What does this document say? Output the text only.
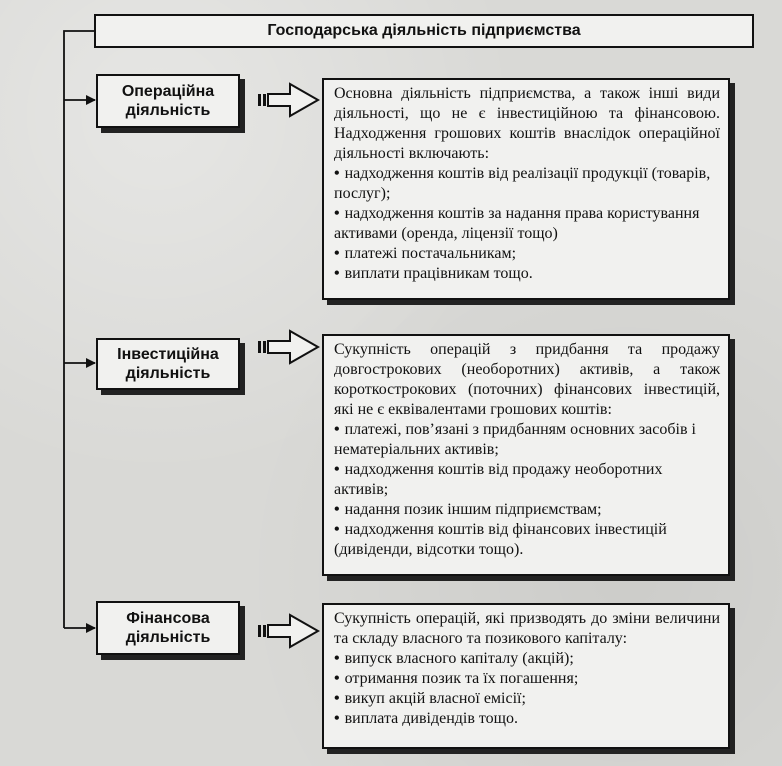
Господарська діяльність підприємства
Операційна
діяльність

Основна діяльність підприємства, а також інші види діяльності, що не є інвестиційною та фінансовою. Надходження грошових коштів внаслідок операційної діяльності включають:

• надходження коштів від реалізації продукції (товарів, послуг);
• надходження коштів за надання права користування активами (оренда, ліцензії тощо)
• платежі постачальникам;
• виплати працівникам тощо.
Інвестиційна
діяльність

Сукупність операцій з придбання та продажу довгострокових (необоротних) активів, а також короткострокових (поточних) фінансових інвестицій, які не є еквівалентами грошових коштів:

• платежі, пов’язані з придбанням основних засобів і нематеріальних активів;
• надходження коштів від продажу необоротних активів;
• надання позик іншим підприємствам;
• надходження коштів від фінансових інвестицій (дивіденди, відсотки тощо).
Фінансова
діяльність

Сукупність операцій, які призводять до зміни величини та складу власного та позикового капіталу:

• випуск власного капіталу (акцій);
• отримання позик та їх погашення;
• викуп акцій власної емісії;
• виплата дивідендів тощо.
